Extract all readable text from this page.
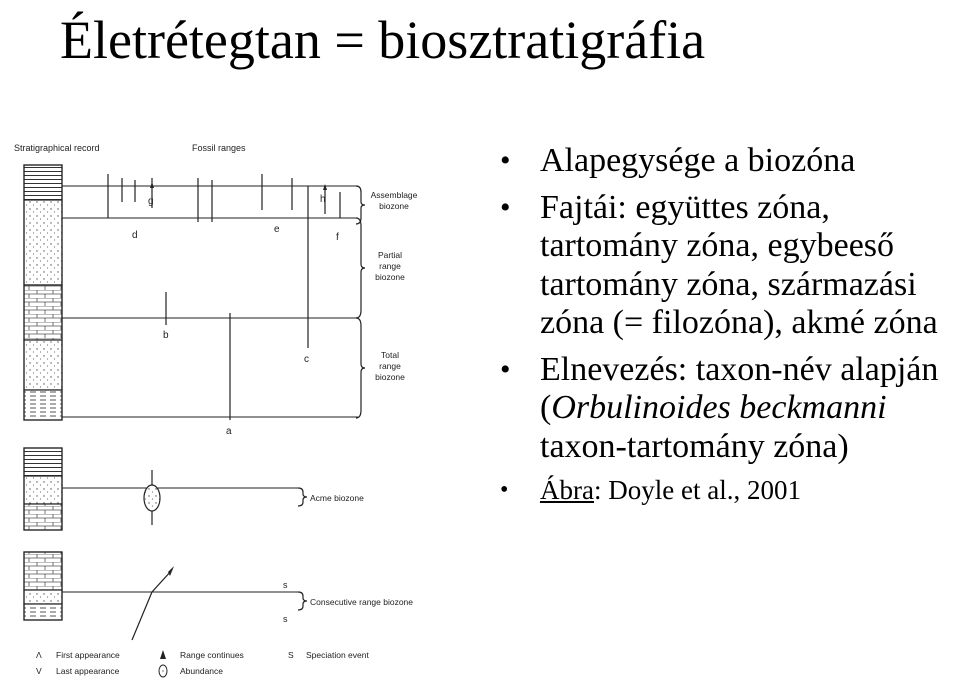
Életrétegtan = biosztratigráfia
Stratigraphical record	Fossil ranges
g
d
e
h
f
b
c
a
Assemblage
biozone
Partial
range
biozone
Total
range
biozone
Acme biozone
Consecutive range biozone
s
s
Λ First appearance
V Last appearance
Range continues
Abundance
S Speciation event
• Alapegysége a biozóna
• Fajtái: együttes zóna, tartomány zóna, egybeeső tartomány zóna, származási zóna (= filozóna), akmé zóna
• Elnevezés: taxon-név alapján (Orbulinoides beckmanni taxon-tartomány zóna)
• Ábra: Doyle et al., 2001
